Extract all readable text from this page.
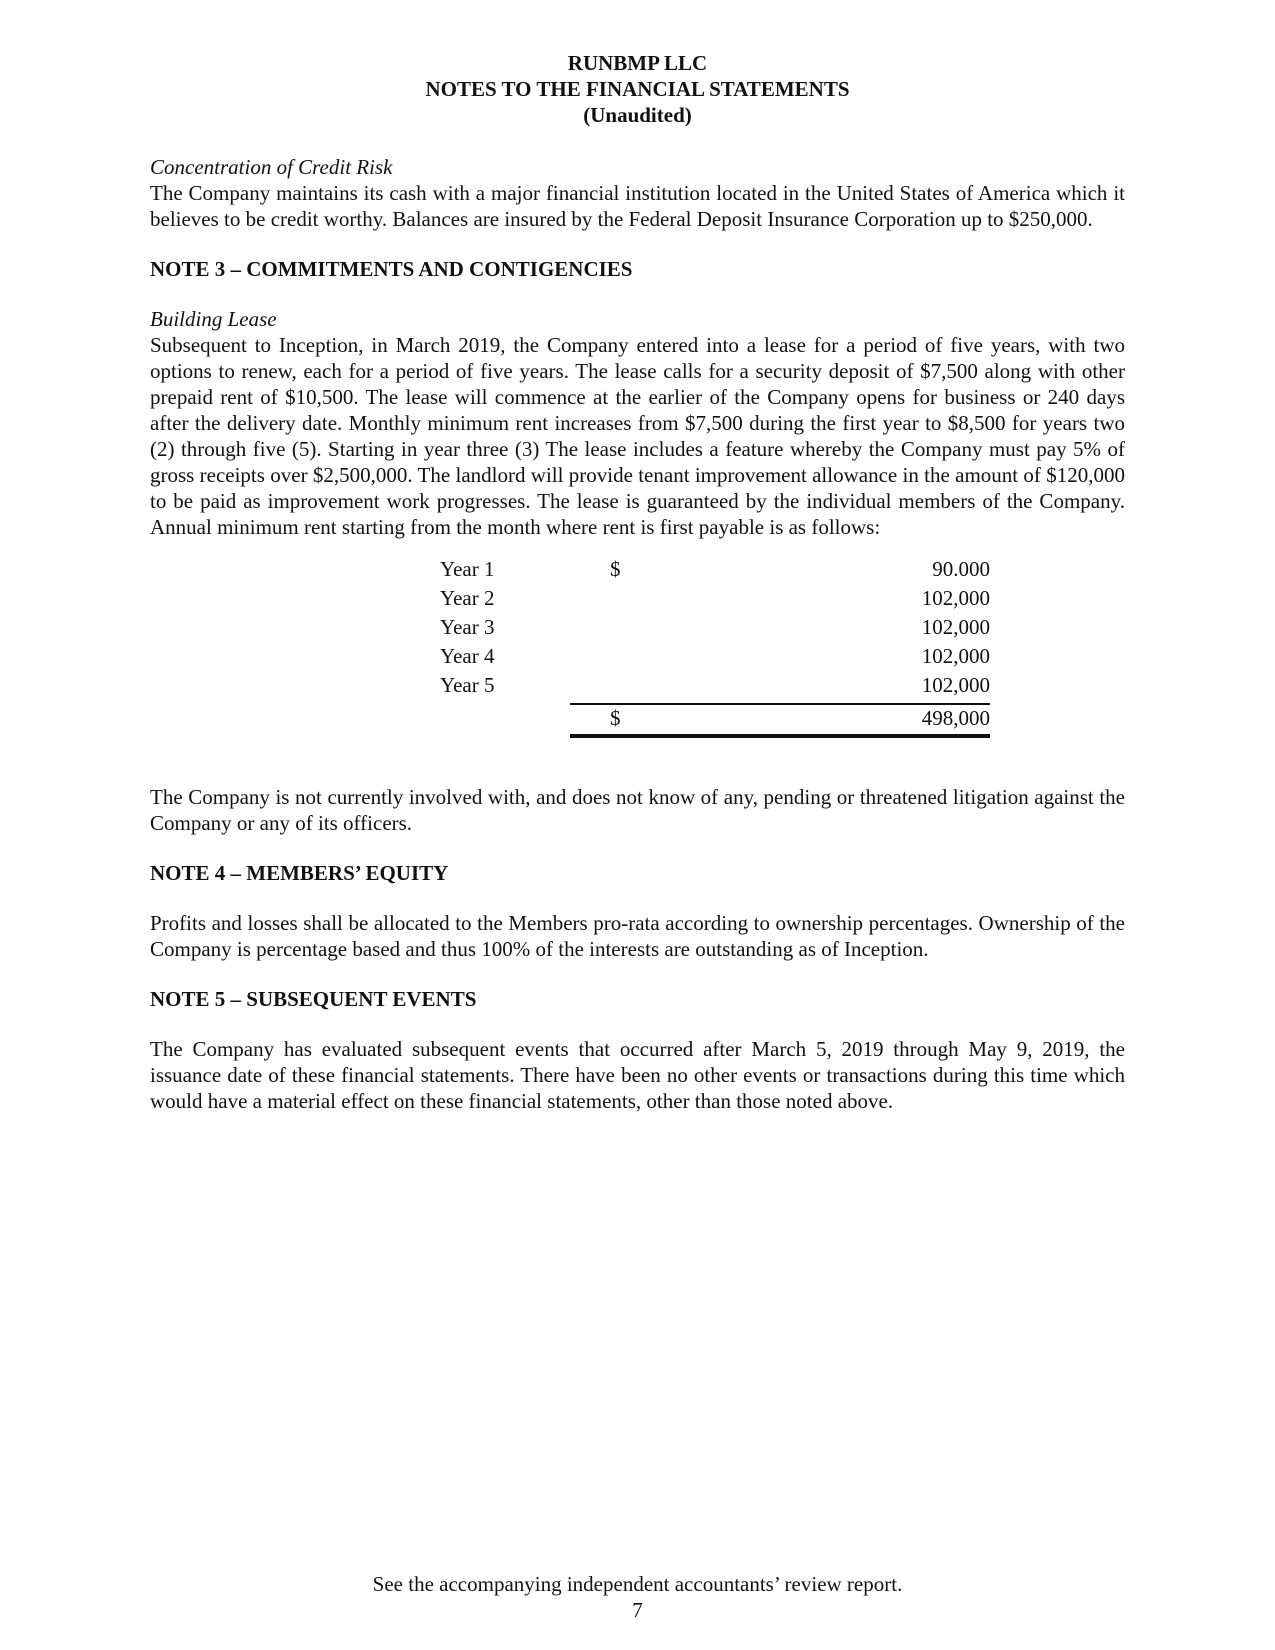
RUNBMP LLC
NOTES TO THE FINANCIAL STATEMENTS
(Unaudited)

Concentration of Credit Risk

The Company maintains its cash with a major financial institution located in the United States of America which it believes to be credit worthy. Balances are insured by the Federal Deposit Insurance Corporation up to $250,000.

NOTE 3 – COMMITMENTS AND CONTIGENCIES

Building Lease

Subsequent to Inception, in March 2019, the Company entered into a lease for a period of five years, with two options to renew, each for a period of five years. The lease calls for a security deposit of $7,500 along with other prepaid rent of $10,500. The lease will commence at the earlier of the Company opens for business or 240 days after the delivery date. Monthly minimum rent increases from $7,500 during the first year to $8,500 for years two (2) through five (5). Starting in year three (3) The lease includes a feature whereby the Company must pay 5% of gross receipts over $2,500,000. The landlord will provide tenant improvement allowance in the amount of $120,000 to be paid as improvement work progresses. The lease is guaranteed by the individual members of the Company. Annual minimum rent starting from the month where rent is first payable is as follows:

Year 1	$	90.000
Year 2	102,000
Year 3	102,000
Year 4	102,000
Year 5	102,000
$	498,000

The Company is not currently involved with, and does not know of any, pending or threatened litigation against the Company or any of its officers.

NOTE 4 – MEMBERS’ EQUITY

Profits and losses shall be allocated to the Members pro-rata according to ownership percentages. Ownership of the Company is percentage based and thus 100% of the interests are outstanding as of Inception.

NOTE 5 – SUBSEQUENT EVENTS

The Company has evaluated subsequent events that occurred after March 5, 2019 through May 9, 2019, the issuance date of these financial statements. There have been no other events or transactions during this time which would have a material effect on these financial statements, other than those noted above.

See the accompanying independent accountants’ review report.
7
